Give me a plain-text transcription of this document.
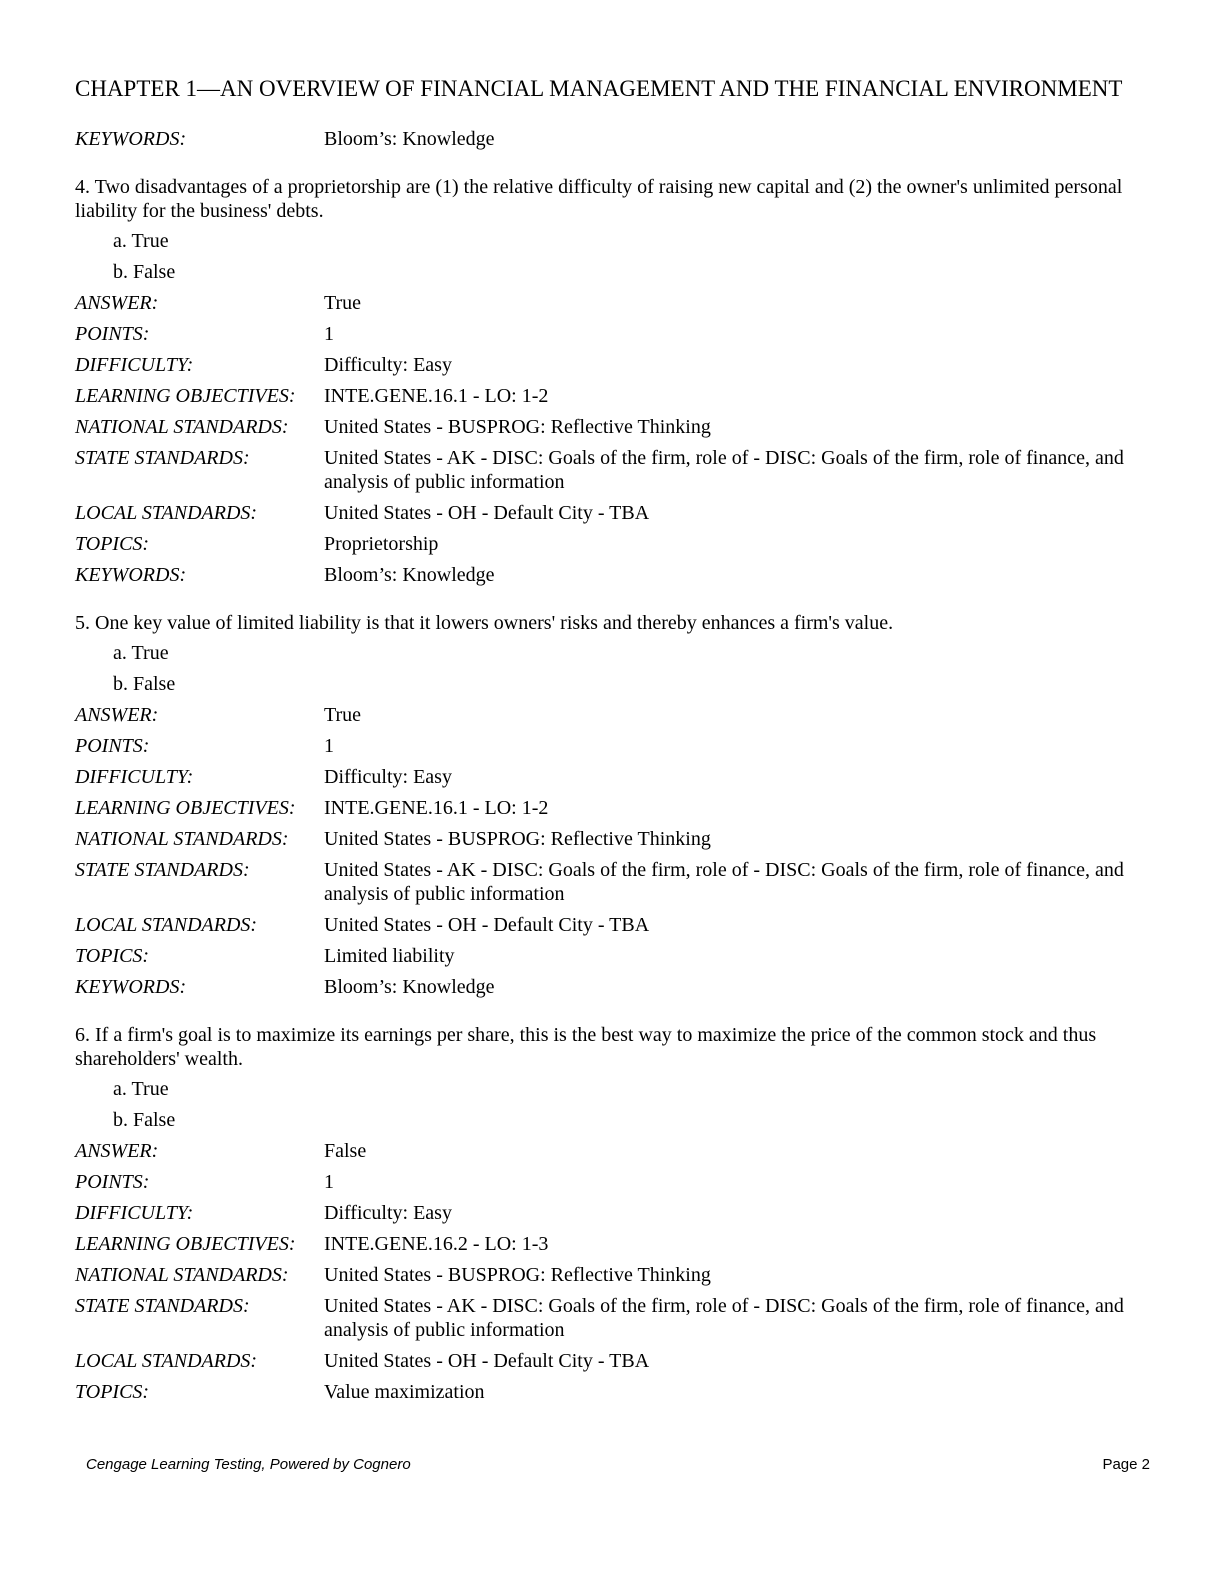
CHAPTER 1—AN OVERVIEW OF FINANCIAL MANAGEMENT AND THE FINANCIAL ENVIRONMENT
KEYWORDS:	Bloom’s: Knowledge

4. Two disadvantages of a proprietorship are (1) the relative difficulty of raising new capital and (2) the owner's unlimited personal liability for the business' debts.

a. True
b. False
ANSWER:	True
POINTS:	1
DIFFICULTY:	Difficulty: Easy
LEARNING OBJECTIVES:	INTE.GENE.16.1 - LO: 1-2
NATIONAL STANDARDS:	United States - BUSPROG: Reflective Thinking
STATE STANDARDS:	United States - AK - DISC: Goals of the firm, role of - DISC: Goals of the firm, role of finance, and analysis of public information
LOCAL STANDARDS:	United States - OH - Default City - TBA
TOPICS:	Proprietorship
KEYWORDS:	Bloom’s: Knowledge

5. One key value of limited liability is that it lowers owners' risks and thereby enhances a firm's value.

a. True
b. False
ANSWER:	True
POINTS:	1
DIFFICULTY:	Difficulty: Easy
LEARNING OBJECTIVES:	INTE.GENE.16.1 - LO: 1-2
NATIONAL STANDARDS:	United States - BUSPROG: Reflective Thinking
STATE STANDARDS:	United States - AK - DISC: Goals of the firm, role of - DISC: Goals of the firm, role of finance, and analysis of public information
LOCAL STANDARDS:	United States - OH - Default City - TBA
TOPICS:	Limited liability
KEYWORDS:	Bloom’s: Knowledge

6. If a firm's goal is to maximize its earnings per share, this is the best way to maximize the price of the common stock and thus shareholders' wealth.

a. True
b. False
ANSWER:	False
POINTS:	1
DIFFICULTY:	Difficulty: Easy
LEARNING OBJECTIVES:	INTE.GENE.16.2 - LO: 1-3
NATIONAL STANDARDS:	United States - BUSPROG: Reflective Thinking
STATE STANDARDS:	United States - AK - DISC: Goals of the firm, role of - DISC: Goals of the firm, role of finance, and analysis of public information
LOCAL STANDARDS:	United States - OH - Default City - TBA
TOPICS:	Value maximization
Cengage Learning Testing, Powered by Cognero	Page 2
